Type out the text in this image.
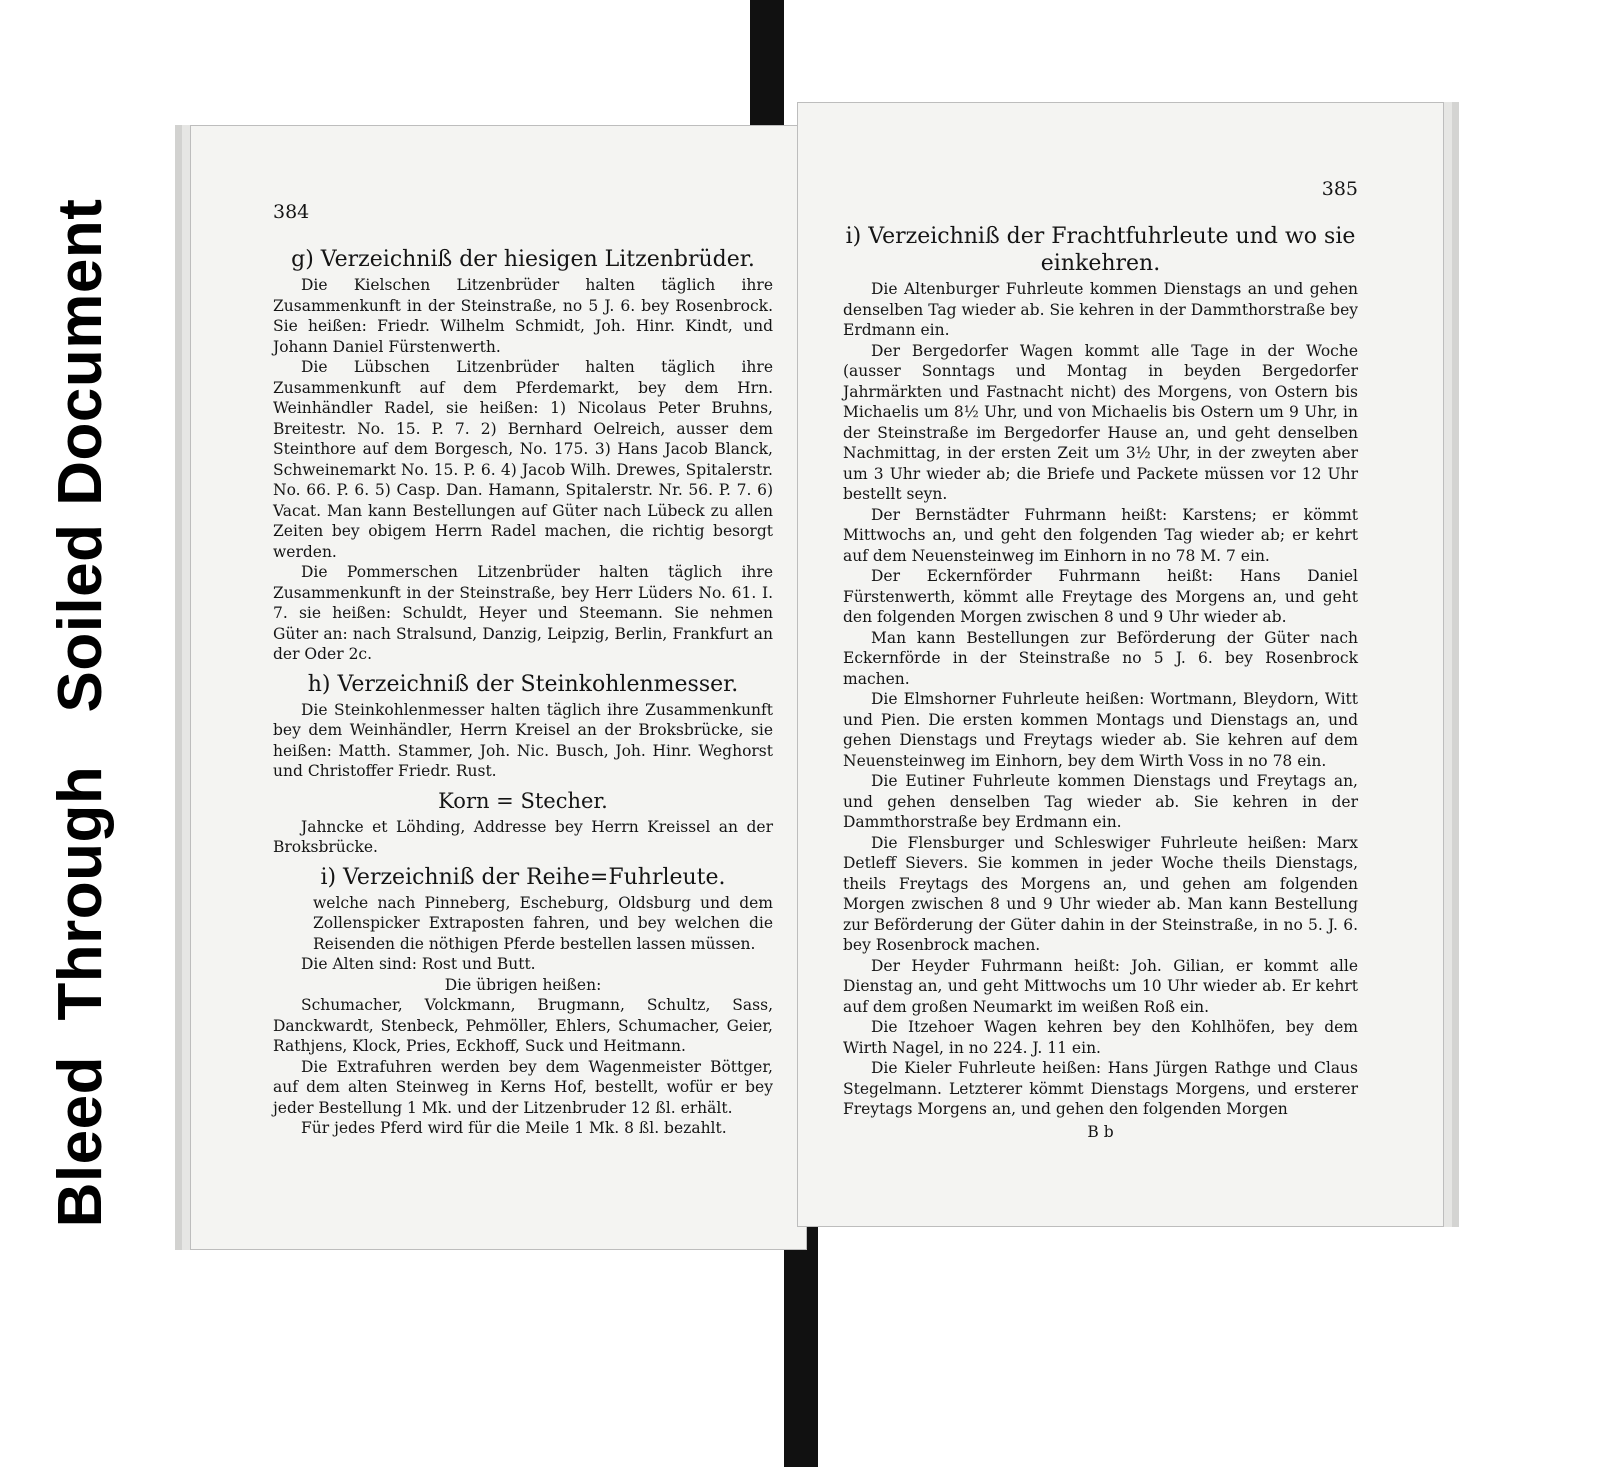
Bleed  Through   Soiled Document	384
g) Verzeichniß der hiesigen Litzenbrüder.

Die Kielschen Litzenbrüder halten täglich ihre Zusammenkunft in der Steinstraße, no 5 J. 6. bey Rosenbrock. Sie heißen: Friedr. Wilhelm Schmidt, Joh. Hinr. Kindt, und Johann Daniel Fürstenwerth.

Die Lübschen Litzenbrüder halten täglich ihre Zusammenkunft auf dem Pferdemarkt, bey dem Hrn. Weinhändler Radel, sie heißen: 1) Nicolaus Peter Bruhns, Breitestr. No. 15. P. 7. 2) Bernhard Oelreich, ausser dem Steinthore auf dem Borgesch, No. 175. 3) Hans Jacob Blanck, Schweinemarkt No. 15. P. 6. 4) Jacob Wilh. Drewes, Spitalerstr. No. 66. P. 6. 5) Casp. Dan. Hamann, Spitalerstr. Nr. 56. P. 7. 6) Vacat. Man kann Bestellungen auf Güter nach Lübeck zu allen Zeiten bey obigem Herrn Radel machen, die richtig besorgt werden.

Die Pommerschen Litzenbrüder halten täglich ihre Zusammenkunft in der Steinstraße, bey Herr Lüders No. 61. I. 7. sie heißen: Schuldt, Heyer und Steemann. Sie nehmen Güter an: nach Stralsund, Danzig, Leipzig, Berlin, Frankfurt an der Oder 2c.

h) Verzeichniß der Steinkohlenmesser.

Die Steinkohlenmesser halten täglich ihre Zusammenkunft bey dem Weinhändler, Herrn Kreisel an der Broksbrücke, sie heißen: Matth. Stammer, Joh. Nic. Busch, Joh. Hinr. Weghorst und Christoffer Friedr. Rust.

Korn = Stecher.

Jahncke et Löhding, Addresse bey Herrn Kreissel an der Broksbrücke.

i) Verzeichniß der Reihe=Fuhrleute.

welche nach Pinneberg, Escheburg, Oldsburg und dem Zollenspicker Extraposten fahren, und bey welchen die Reisenden die nöthigen Pferde bestellen lassen müssen.

Die Alten sind: Rost und Butt.

Die übrigen heißen:

Schumacher, Volckmann, Brugmann, Schultz, Sass, Danckwardt, Stenbeck, Pehmöller, Ehlers, Schumacher, Geier, Rathjens, Klock, Pries, Eckhoff, Suck und Heitmann.

Die Extrafuhren werden bey dem Wagenmeister Böttger, auf dem alten Steinweg in Kerns Hof, bestellt, wofür er bey jeder Bestellung 1 Mk. und der Litzenbruder 12 ßl. erhält.

Für jedes Pferd wird für die Meile 1 Mk. 8 ßl. bezahlt.

385
i) Verzeichniß der Frachtfuhrleute und wo sie einkehren.

Die Altenburger Fuhrleute kommen Dienstags an und gehen denselben Tag wieder ab. Sie kehren in der Dammthorstraße bey Erdmann ein.

Der Bergedorfer Wagen kommt alle Tage in der Woche (ausser Sonntags und Montag in beyden Bergedorfer Jahrmärkten und Fastnacht nicht) des Morgens, von Ostern bis Michaelis um 8½ Uhr, und von Michaelis bis Ostern um 9 Uhr, in der Steinstraße im Bergedorfer Hause an, und geht denselben Nachmittag, in der ersten Zeit um 3½ Uhr, in der zweyten aber um 3 Uhr wieder ab; die Briefe und Packete müssen vor 12 Uhr bestellt seyn.

Der Bernstädter Fuhrmann heißt: Karstens; er kömmt Mittwochs an, und geht den folgenden Tag wieder ab; er kehrt auf dem Neuensteinweg im Einhorn in no 78 M. 7 ein.

Der Eckernförder Fuhrmann heißt: Hans Daniel Fürstenwerth, kömmt alle Freytage des Morgens an, und geht den folgenden Morgen zwischen 8 und 9 Uhr wieder ab.

Man kann Bestellungen zur Beförderung der Güter nach Eckernförde in der Steinstraße no 5 J. 6. bey Rosenbrock machen.

Die Elmshorner Fuhrleute heißen: Wortmann, Bleydorn, Witt und Pien. Die ersten kommen Montags und Dienstags an, und gehen Dienstags und Freytags wieder ab. Sie kehren auf dem Neuensteinweg im Einhorn, bey dem Wirth Voss in no 78 ein.

Die Eutiner Fuhrleute kommen Dienstags und Freytags an, und gehen denselben Tag wieder ab. Sie kehren in der Dammthorstraße bey Erdmann ein.

Die Flensburger und Schleswiger Fuhrleute heißen: Marx Detleff Sievers. Sie kommen in jeder Woche theils Dienstags, theils Freytags des Morgens an, und gehen am folgenden Morgen zwischen 8 und 9 Uhr wieder ab. Man kann Bestellung zur Beförderung der Güter dahin in der Steinstraße, in no 5. J. 6. bey Rosenbrock machen.

Der Heyder Fuhrmann heißt: Joh. Gilian, er kommt alle Dienstag an, und geht Mittwochs um 10 Uhr wieder ab. Er kehrt auf dem großen Neumarkt im weißen Roß ein.

Die Itzehoer Wagen kehren bey den Kohlhöfen, bey dem Wirth Nagel, in no 224. J. 11 ein.

Die Kieler Fuhrleute heißen: Hans Jürgen Rathge und Claus Stegelmann. Letzterer kömmt Dienstags Morgens, und ersterer Freytags Morgens an, und gehen den folgenden Morgen

B b
